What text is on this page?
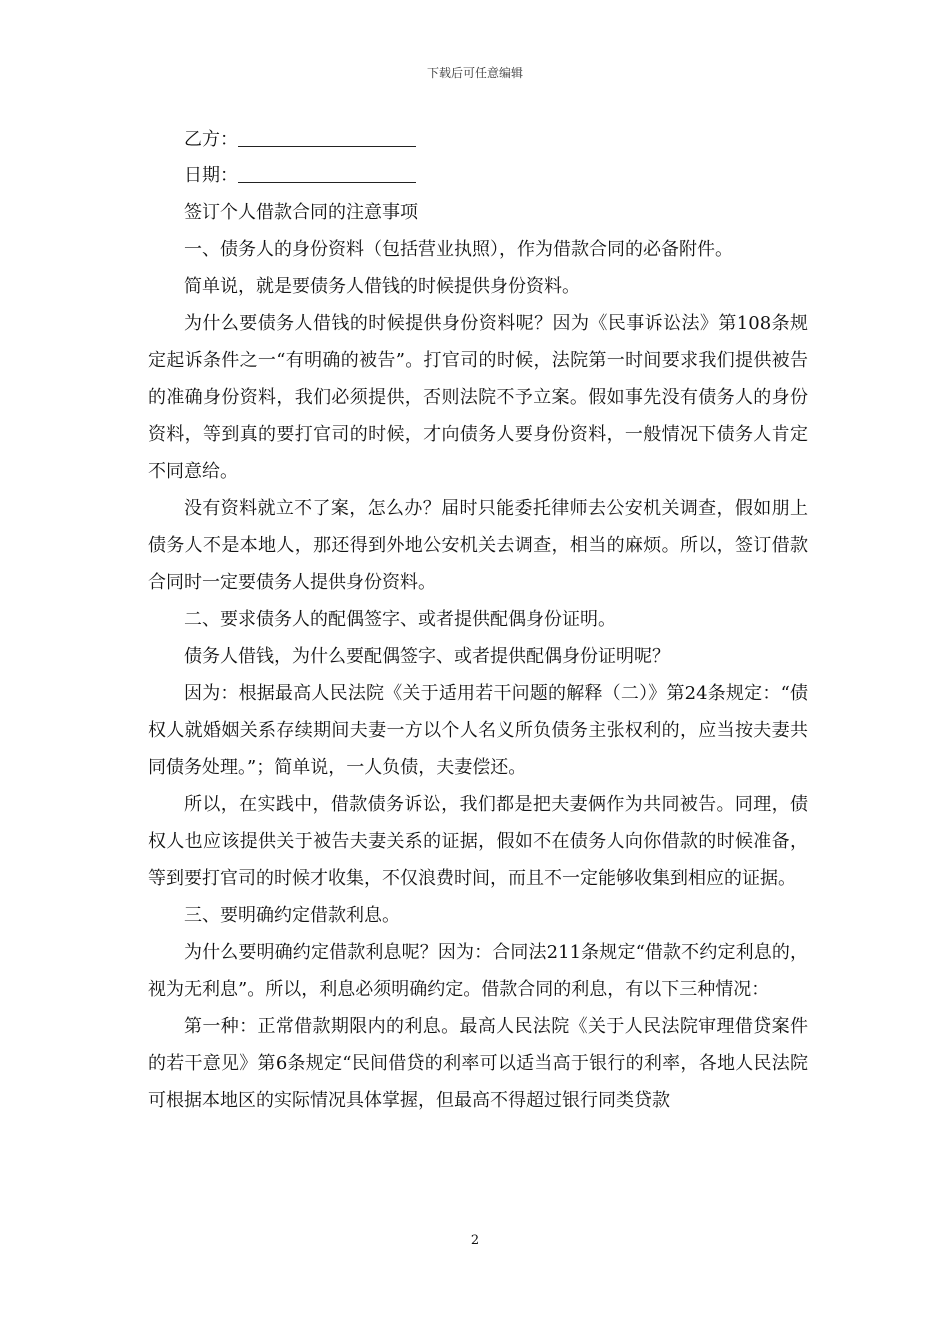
下载后可任意编辑
乙方：
日期：

签订个人借款合同的注意事项

一、债务人的身份资料（包括营业执照），作为借款合同的必备附件。

简单说，就是要债务人借钱的时候提供身份资料。

为什么要债务人借钱的时候提供身份资料呢？因为《民事诉讼法》第108条规定起诉条件之一“有明确的被告”。打官司的时候，法院第一时间要求我们提供被告的准确身份资料，我们必须提供，否则法院不予立案。假如事先没有债务人的身份资料，等到真的要打官司的时候，才向债务人要身份资料，一般情况下债务人肯定不同意给。

没有资料就立不了案，怎么办？届时只能委托律师去公安机关调查，假如朋上债务人不是本地人，那还得到外地公安机关去调查，相当的麻烦。所以，签订借款合同时一定要债务人提供身份资料。

二、要求债务人的配偶签字、或者提供配偶身份证明。

债务人借钱，为什么要配偶签字、或者提供配偶身份证明呢？

因为：根据最高人民法院《关于适用若干问题的解释（二）》第24条规定：“债权人就婚姻关系存续期间夫妻一方以个人名义所负债务主张权利的，应当按夫妻共同债务处理。”；简单说，一人负债，夫妻偿还。

所以，在实践中，借款债务诉讼，我们都是把夫妻俩作为共同被告。同理，债权人也应该提供关于被告夫妻关系的证据，假如不在债务人向你借款的时候准备，等到要打官司的时候才收集，不仅浪费时间，而且不一定能够收集到相应的证据。

三、要明确约定借款利息。

为什么要明确约定借款利息呢？因为：合同法211条规定“借款不约定利息的，视为无利息”。所以，利息必须明确约定。借款合同的利息，有以下三种情况：

第一种：正常借款期限内的利息。最高人民法院《关于人民法院审理借贷案件的若干意见》第6条规定“民间借贷的利率可以适当高于银行的利率，各地人民法院可根据本地区的实际情况具体掌握，但最高不得超过银行同类贷款

2
